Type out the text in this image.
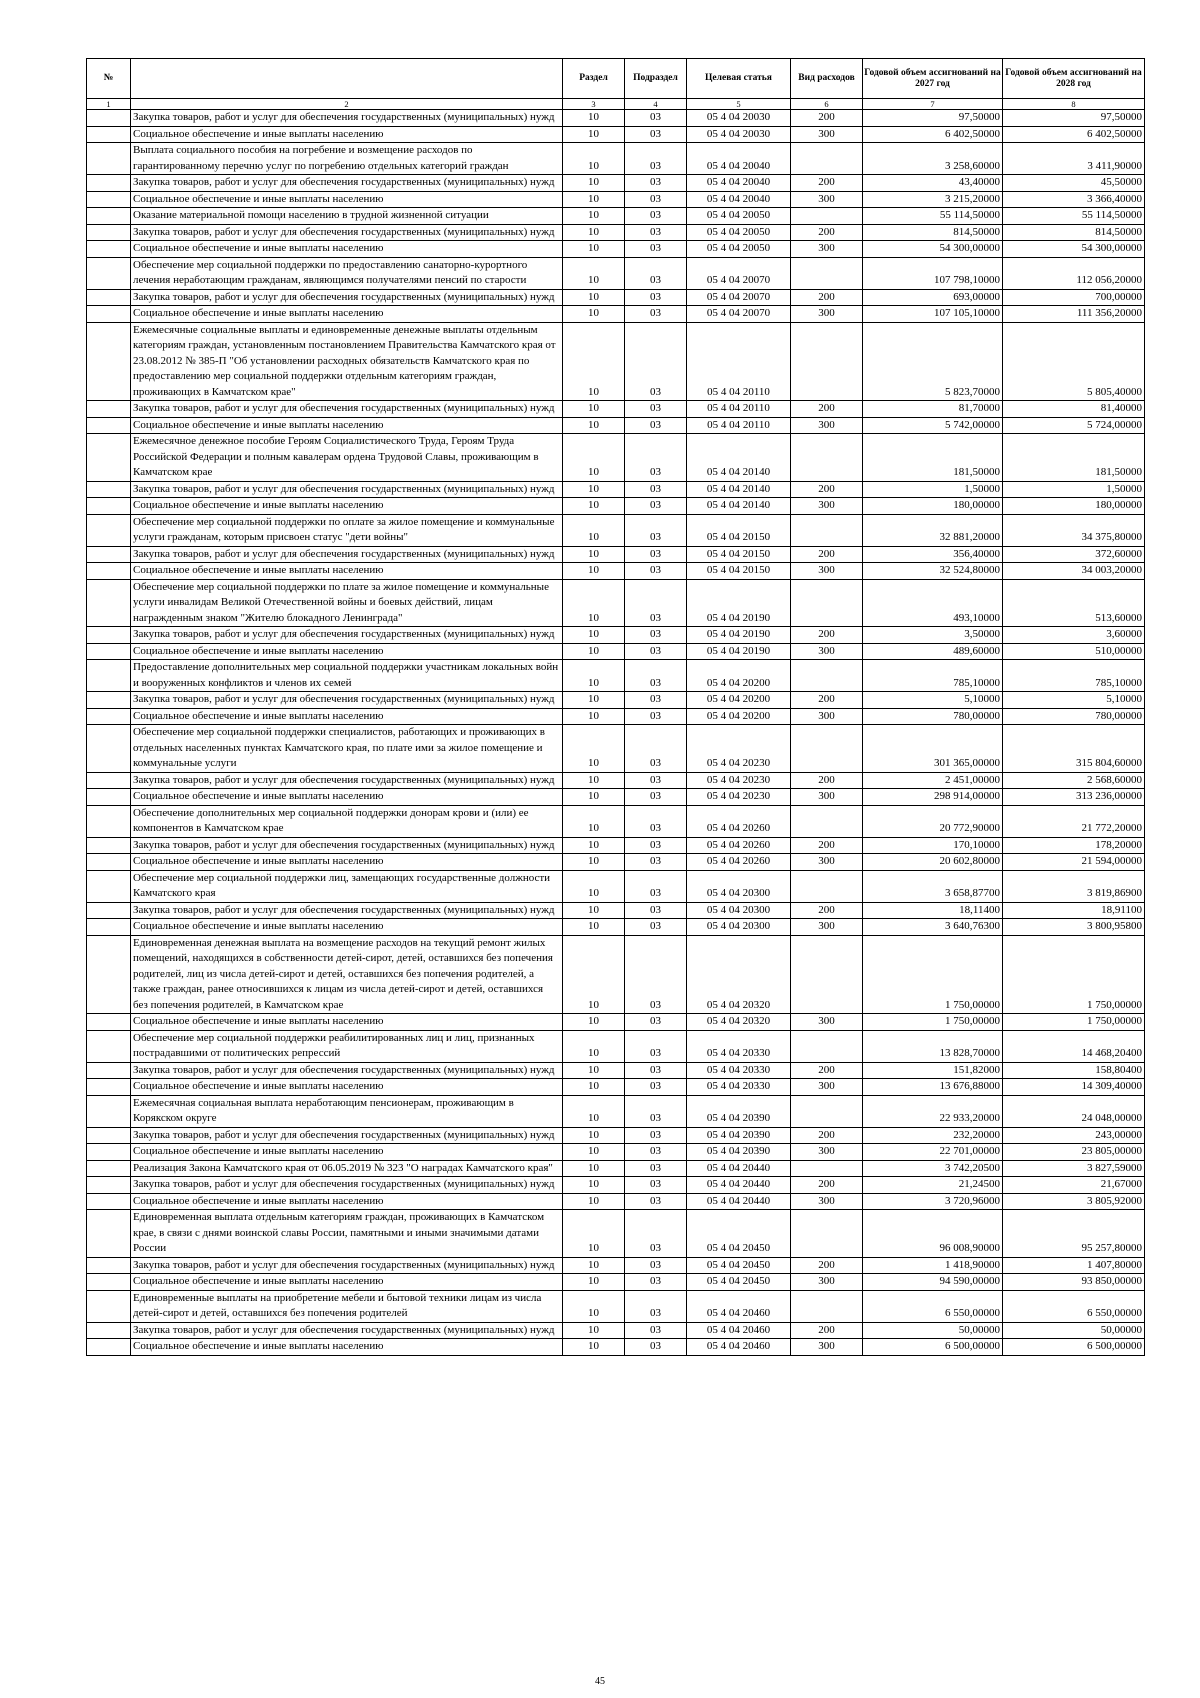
№		Раздел	Подраздел	Целевая статья	Вид расходов	Годовой объем ассигнований на 2027 год	Годовой объем ассигнований на 2028 год
1	2	3	4	5	6	7	8
	Закупка товаров, работ и услуг для обеспечения государственных (муниципальных) нужд	10	03	05 4 04 20030	200	97,50000	97,50000
	Социальное обеспечение и иные выплаты населению	10	03	05 4 04 20030	300	6 402,50000	6 402,50000
	Выплата социального пособия на погребение и возмещение расходов по гарантированному перечню услуг по погребению отдельных категорий граждан	10	03	05 4 04 20040		3 258,60000	3 411,90000
	Закупка товаров, работ и услуг для обеспечения государственных (муниципальных) нужд	10	03	05 4 04 20040	200	43,40000	45,50000
	Социальное обеспечение и иные выплаты населению	10	03	05 4 04 20040	300	3 215,20000	3 366,40000
	Оказание материальной помощи населению в трудной жизненной ситуации	10	03	05 4 04 20050		55 114,50000	55 114,50000
	Закупка товаров, работ и услуг для обеспечения государственных (муниципальных) нужд	10	03	05 4 04 20050	200	814,50000	814,50000
	Социальное обеспечение и иные выплаты населению	10	03	05 4 04 20050	300	54 300,00000	54 300,00000
	Обеспечение мер социальной поддержки по предоставлению санаторно-курортного лечения неработающим гражданам, являющимся получателями пенсий по старости	10	03	05 4 04 20070		107 798,10000	112 056,20000
	Закупка товаров, работ и услуг для обеспечения государственных (муниципальных) нужд	10	03	05 4 04 20070	200	693,00000	700,00000
	Социальное обеспечение и иные выплаты населению	10	03	05 4 04 20070	300	107 105,10000	111 356,20000
	Ежемесячные социальные выплаты и единовременные денежные выплаты отдельным категориям граждан, установленным постановлением Правительства Камчатского края от 23.08.2012 № 385-П "Об установлении расходных обязательств Камчатского края по предоставлению мер социальной поддержки отдельным категориям граждан, проживающих в Камчатском крае"	10	03	05 4 04 20110		5 823,70000	5 805,40000
	Закупка товаров, работ и услуг для обеспечения государственных (муниципальных) нужд	10	03	05 4 04 20110	200	81,70000	81,40000
	Социальное обеспечение и иные выплаты населению	10	03	05 4 04 20110	300	5 742,00000	5 724,00000
	Ежемесячное денежное пособие Героям Социалистического Труда, Героям Труда Российской Федерации и полным кавалерам ордена Трудовой Славы, проживающим в Камчатском крае	10	03	05 4 04 20140		181,50000	181,50000
	Закупка товаров, работ и услуг для обеспечения государственных (муниципальных) нужд	10	03	05 4 04 20140	200	1,50000	1,50000
	Социальное обеспечение и иные выплаты населению	10	03	05 4 04 20140	300	180,00000	180,00000
	Обеспечение мер социальной поддержки по оплате за жилое помещение и коммунальные услуги гражданам, которым присвоен статус "дети войны"	10	03	05 4 04 20150		32 881,20000	34 375,80000
	Закупка товаров, работ и услуг для обеспечения государственных (муниципальных) нужд	10	03	05 4 04 20150	200	356,40000	372,60000
	Социальное обеспечение и иные выплаты населению	10	03	05 4 04 20150	300	32 524,80000	34 003,20000
	Обеспечение мер социальной поддержки по плате за жилое помещение и коммунальные услуги инвалидам Великой Отечественной войны и боевых действий, лицам награжденным знаком "Жителю блокадного Ленинграда"	10	03	05 4 04 20190		493,10000	513,60000
	Закупка товаров, работ и услуг для обеспечения государственных (муниципальных) нужд	10	03	05 4 04 20190	200	3,50000	3,60000
	Социальное обеспечение и иные выплаты населению	10	03	05 4 04 20190	300	489,60000	510,00000
	Предоставление дополнительных мер социальной поддержки участникам локальных войн и вооруженных конфликтов и членов их семей	10	03	05 4 04 20200		785,10000	785,10000
	Закупка товаров, работ и услуг для обеспечения государственных (муниципальных) нужд	10	03	05 4 04 20200	200	5,10000	5,10000
	Социальное обеспечение и иные выплаты населению	10	03	05 4 04 20200	300	780,00000	780,00000
	Обеспечение мер социальной поддержки специалистов, работающих и проживающих в отдельных населенных пунктах Камчатского края, по плате ими за жилое помещение и коммунальные услуги	10	03	05 4 04 20230		301 365,00000	315 804,60000
	Закупка товаров, работ и услуг для обеспечения государственных (муниципальных) нужд	10	03	05 4 04 20230	200	2 451,00000	2 568,60000
	Социальное обеспечение и иные выплаты населению	10	03	05 4 04 20230	300	298 914,00000	313 236,00000
	Обеспечение дополнительных мер социальной поддержки донорам крови и (или) ее компонентов в Камчатском крае	10	03	05 4 04 20260		20 772,90000	21 772,20000
	Закупка товаров, работ и услуг для обеспечения государственных (муниципальных) нужд	10	03	05 4 04 20260	200	170,10000	178,20000
	Социальное обеспечение и иные выплаты населению	10	03	05 4 04 20260	300	20 602,80000	21 594,00000
	Обеспечение мер социальной поддержки лиц, замещающих государственные должности Камчатского края	10	03	05 4 04 20300		3 658,87700	3 819,86900
	Закупка товаров, работ и услуг для обеспечения государственных (муниципальных) нужд	10	03	05 4 04 20300	200	18,11400	18,91100
	Социальное обеспечение и иные выплаты населению	10	03	05 4 04 20300	300	3 640,76300	3 800,95800
	Единовременная денежная выплата на возмещение расходов на текущий ремонт жилых помещений, находящихся в собственности детей-сирот, детей, оставшихся без попечения родителей, лиц из числа детей-сирот и детей, оставшихся без попечения родителей, а также граждан, ранее относившихся к лицам из числа детей-сирот и детей, оставшихся без попечения родителей, в Камчатском крае	10	03	05 4 04 20320		1 750,00000	1 750,00000
	Социальное обеспечение и иные выплаты населению	10	03	05 4 04 20320	300	1 750,00000	1 750,00000
	Обеспечение мер социальной поддержки реабилитированных лиц и лиц, признанных пострадавшими от политических репрессий	10	03	05 4 04 20330		13 828,70000	14 468,20400
	Закупка товаров, работ и услуг для обеспечения государственных (муниципальных) нужд	10	03	05 4 04 20330	200	151,82000	158,80400
	Социальное обеспечение и иные выплаты населению	10	03	05 4 04 20330	300	13 676,88000	14 309,40000
	Ежемесячная социальная выплата неработающим пенсионерам, проживающим в Корякском округе	10	03	05 4 04 20390		22 933,20000	24 048,00000
	Закупка товаров, работ и услуг для обеспечения государственных (муниципальных) нужд	10	03	05 4 04 20390	200	232,20000	243,00000
	Социальное обеспечение и иные выплаты населению	10	03	05 4 04 20390	300	22 701,00000	23 805,00000
	Реализация Закона Камчатского края от 06.05.2019 № 323 "О наградах Камчатского края"	10	03	05 4 04 20440		3 742,20500	3 827,59000
	Закупка товаров, работ и услуг для обеспечения государственных (муниципальных) нужд	10	03	05 4 04 20440	200	21,24500	21,67000
	Социальное обеспечение и иные выплаты населению	10	03	05 4 04 20440	300	3 720,96000	3 805,92000
	Единовременная выплата отдельным категориям граждан, проживающих в Камчатском крае, в связи с днями воинской славы России, памятными и иными значимыми датами России	10	03	05 4 04 20450		96 008,90000	95 257,80000
	Закупка товаров, работ и услуг для обеспечения государственных (муниципальных) нужд	10	03	05 4 04 20450	200	1 418,90000	1 407,80000
	Социальное обеспечение и иные выплаты населению	10	03	05 4 04 20450	300	94 590,00000	93 850,00000
	Единовременные выплаты на приобретение мебели и бытовой техники лицам из числа детей-сирот и детей, оставшихся без попечения родителей	10	03	05 4 04 20460		6 550,00000	6 550,00000
	Закупка товаров, работ и услуг для обеспечения государственных (муниципальных) нужд	10	03	05 4 04 20460	200	50,00000	50,00000
	Социальное обеспечение и иные выплаты населению	10	03	05 4 04 20460	300	6 500,00000	6 500,00000
45
